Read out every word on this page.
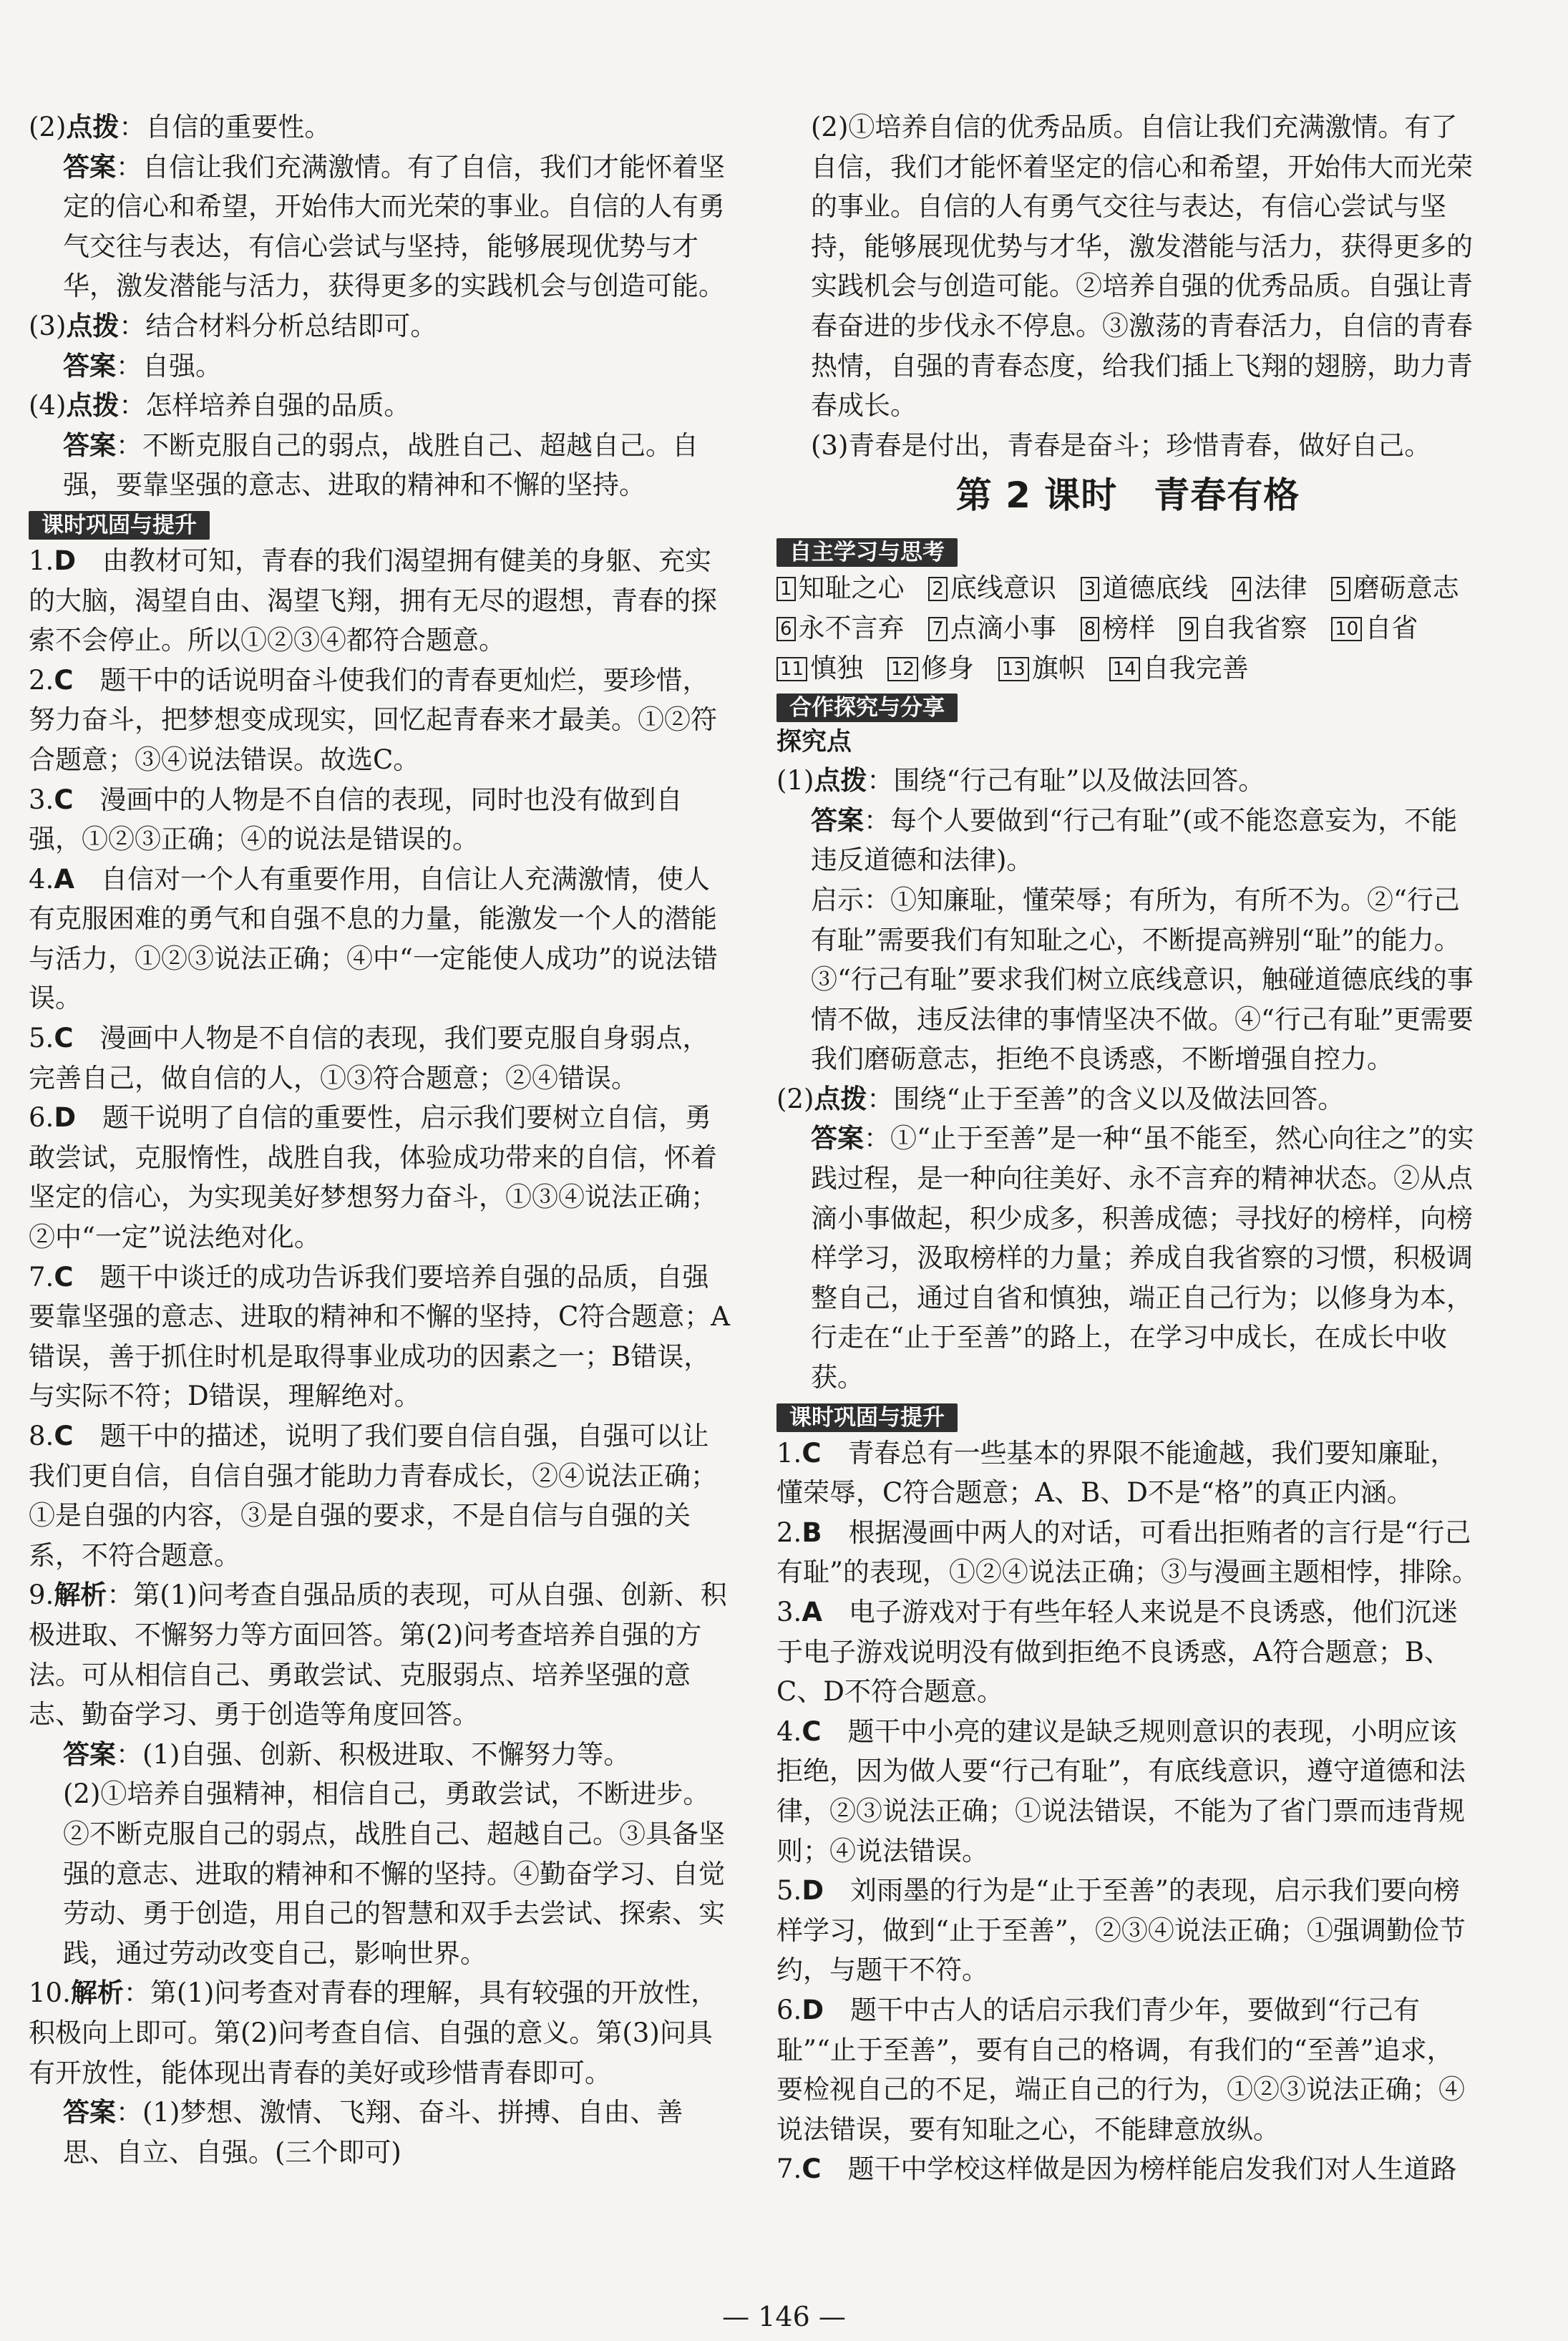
(2)点拨：自信的重要性。
答案：自信让我们充满激情。有了自信，我们才能怀着坚定的信心和希望，开始伟大而光荣的事业。自信的人有勇气交往与表达，有信心尝试与坚持，能够展现优势与才华，激发潜能与活力，获得更多的实践机会与创造可能。
(3)点拨：结合材料分析总结即可。
答案：自强。
(4)点拨：怎样培养自强的品质。
答案：不断克服自己的弱点，战胜自己、超越自己。自强，要靠坚强的意志、进取的精神和不懈的坚持。
课时巩固与提升
1.D　 由教材可知，青春的我们渴望拥有健美的身躯、充实的大脑，渴望自由、渴望飞翔，拥有无尽的遐想，青春的探索不会停止。所以①②③④都符合题意。
2.C　 题干中的话说明奋斗使我们的青春更灿烂，要珍惜，努力奋斗，把梦想变成现实，回忆起青春来才最美。①②符合题意；③④说法错误。故选C。
3.C　 漫画中的人物是不自信的表现，同时也没有做到自强，①②③正确；④的说法是错误的。
4.A　 自信对一个人有重要作用，自信让人充满激情，使人有克服困难的勇气和自强不息的力量，能激发一个人的潜能与活力，①②③说法正确；④中“一定能使人成功”的说法错误。
5.C　 漫画中人物是不自信的表现，我们要克服自身弱点，完善自己，做自信的人，①③符合题意；②④错误。
6.D　 题干说明了自信的重要性，启示我们要树立自信，勇敢尝试，克服惰性，战胜自我，体验成功带来的自信，怀着坚定的信心，为实现美好梦想努力奋斗，①③④说法正确；②中“一定”说法绝对化。
7.C　 题干中谈迁的成功告诉我们要培养自强的品质，自强要靠坚强的意志、进取的精神和不懈的坚持，C符合题意；A错误，善于抓住时机是取得事业成功的因素之一；B错误，与实际不符；D错误，理解绝对。
8.C　 题干中的描述，说明了我们要自信自强，自强可以让我们更自信，自信自强才能助力青春成长，②④说法正确；①是自强的内容，③是自强的要求，不是自信与自强的关系，不符合题意。
9.解析：第(1)问考查自强品质的表现，可从自强、创新、积极进取、不懈努力等方面回答。第(2)问考查培养自强的方法。可从相信自己、勇敢尝试、克服弱点、培养坚强的意志、勤奋学习、勇于创造等角度回答。
答案：(1)自强、创新、积极进取、不懈努力等。
(2)①培养自强精神，相信自己，勇敢尝试，不断进步。②不断克服自己的弱点，战胜自己、超越自己。③具备坚强的意志、进取的精神和不懈的坚持。④勤奋学习、自觉劳动、勇于创造，用自己的智慧和双手去尝试、探索、实践，通过劳动改变自己，影响世界。
10.解析：第(1)问考查对青春的理解，具有较强的开放性，积极向上即可。第(2)问考查自信、自强的意义。第(3)问具有开放性，能体现出青春的美好或珍惜青春即可。
答案：(1)梦想、激情、飞翔、奋斗、拼搏、自由、善思、自立、自强。(三个即可)
(2)①培养自信的优秀品质。自信让我们充满激情。有了自信，我们才能怀着坚定的信心和希望，开始伟大而光荣的事业。自信的人有勇气交往与表达，有信心尝试与坚持，能够展现优势与才华，激发潜能与活力，获得更多的实践机会与创造可能。②培养自强的优秀品质。自强让青春奋进的步伐永不停息。③激荡的青春活力，自信的青春热情，自强的青春态度，给我们插上飞翔的翅膀，助力青春成长。
(3)青春是付出，青春是奋斗；珍惜青春，做好自己。
第 2 课时　青春有格
自主学习与思考
1 知耻之心 2 底线意识 3 道德底线 4 法律 5 磨砺意志 6 永不言弃 7 点滴小事 8 榜样 9 自我省察 10 自省 11 慎独 12 修身 13 旗帜 14 自我完善
合作探究与分享
探究点
(1)点拨：围绕“行己有耻”以及做法回答。
答案：每个人要做到“行己有耻”(或不能恣意妄为，不能违反道德和法律)。
启示：①知廉耻，懂荣辱；有所为，有所不为。②“行己有耻”需要我们有知耻之心，不断提高辨别“耻”的能力。③“行己有耻”要求我们树立底线意识，触碰道德底线的事情不做，违反法律的事情坚决不做。④“行己有耻”更需要我们磨砺意志，拒绝不良诱惑，不断增强自控力。
(2)点拨：围绕“止于至善”的含义以及做法回答。
答案：①“止于至善”是一种“虽不能至，然心向往之”的实践过程，是一种向往美好、永不言弃的精神状态。②从点滴小事做起，积少成多，积善成德；寻找好的榜样，向榜样学习，汲取榜样的力量；养成自我省察的习惯，积极调整自己，通过自省和慎独，端正自己行为；以修身为本，行走在“止于至善”的路上，在学习中成长，在成长中收获。
课时巩固与提升
1.C　 青春总有一些基本的界限不能逾越，我们要知廉耻，懂荣辱，C符合题意；A、B、D不是“格”的真正内涵。
2.B　 根据漫画中两人的对话，可看出拒贿者的言行是“行己有耻”的表现，①②④说法正确；③与漫画主题相悖，排除。
3.A　 电子游戏对于有些年轻人来说是不良诱惑，他们沉迷于电子游戏说明没有做到拒绝不良诱惑，A符合题意；B、C、D不符合题意。
4.C　 题干中小亮的建议是缺乏规则意识的表现，小明应该拒绝，因为做人要“行己有耻”，有底线意识，遵守道德和法律，②③说法正确；①说法错误，不能为了省门票而违背规则；④说法错误。
5.D　 刘雨墨的行为是“止于至善”的表现，启示我们要向榜样学习，做到“止于至善”，②③④说法正确；①强调勤俭节约，与题干不符。
6.D　 题干中古人的话启示我们青少年，要做到“行己有耻”“止于至善”，要有自己的格调，有我们的“至善”追求，要检视自己的不足，端正自己的行为，①②③说法正确；④说法错误，要有知耻之心，不能肆意放纵。
7.C　 题干中学校这样做是因为榜样能启发我们对人生道路
— 146 —
